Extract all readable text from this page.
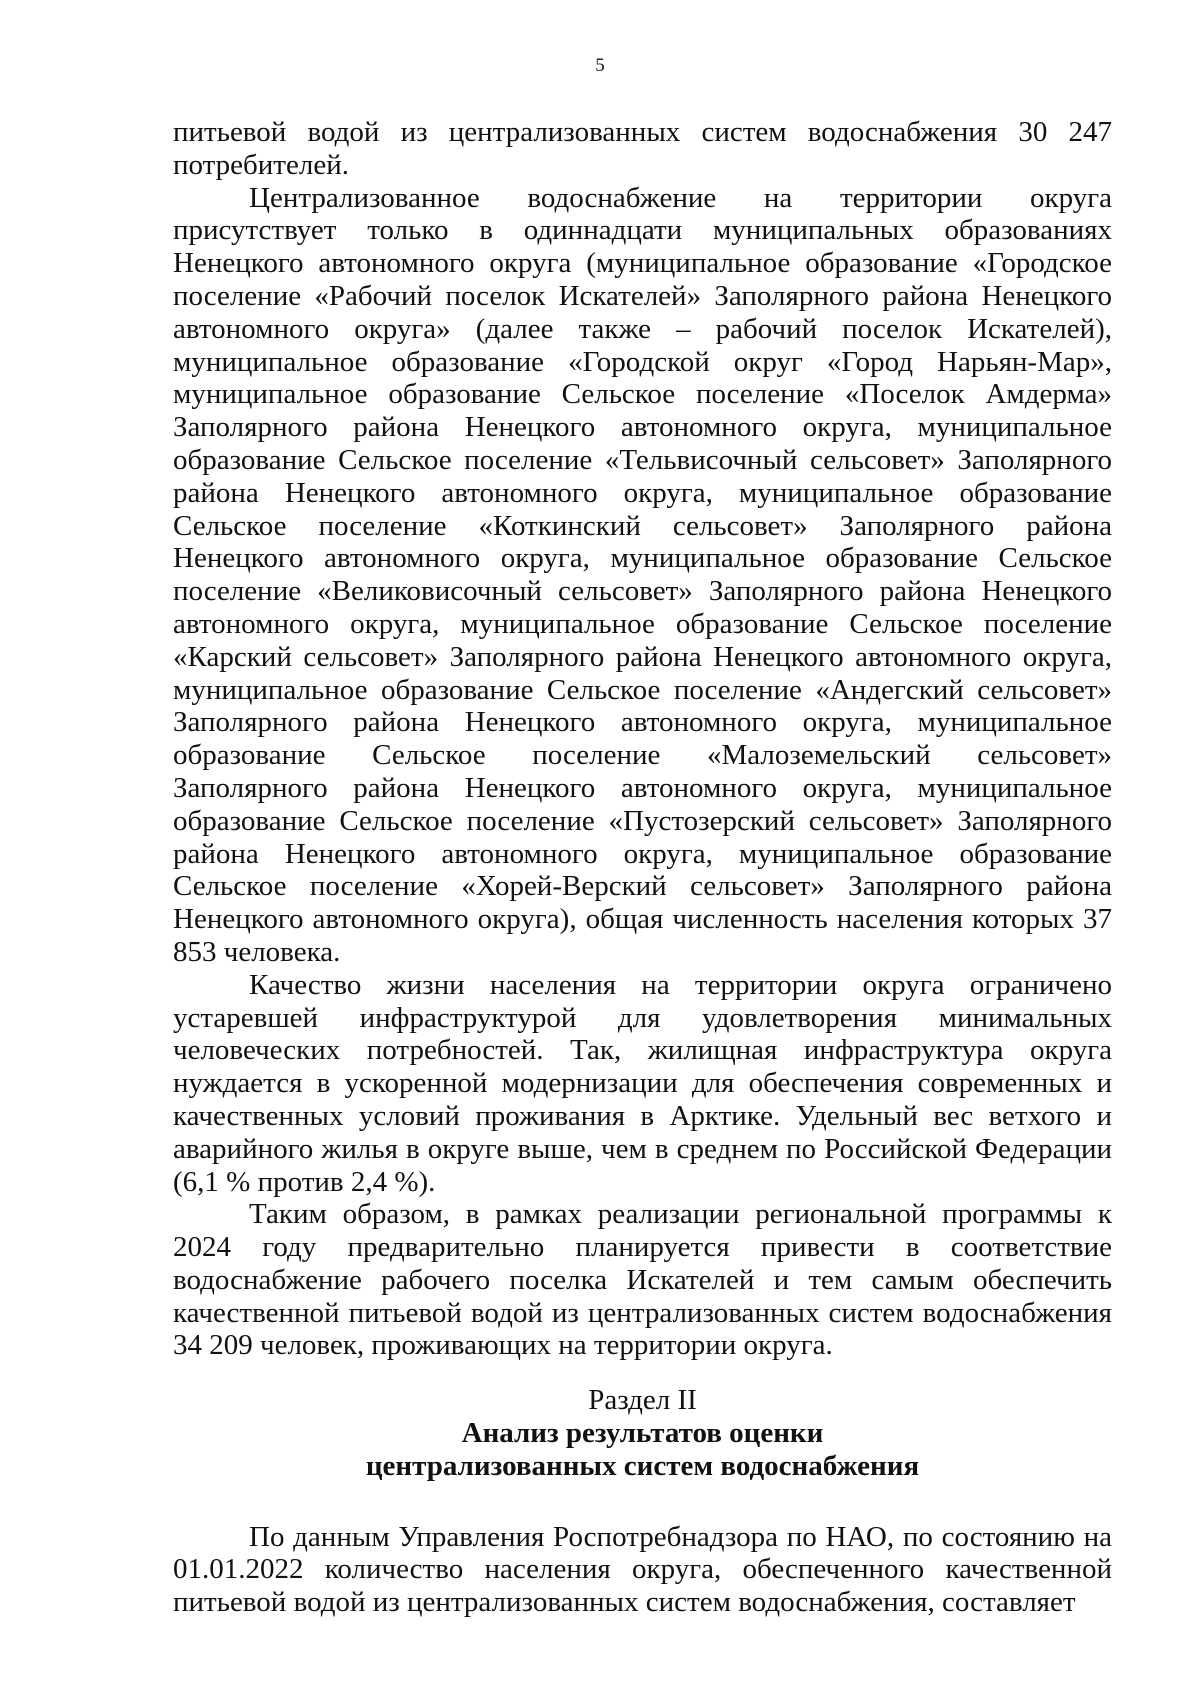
5

питьевой водой из централизованных систем водоснабжения 30 247 потребителей.

Централизованное водоснабжение на территории округа присутствует только в одиннадцати муниципальных образованиях Ненецкого автономного округа (муниципальное образование «Городское поселение «Рабочий поселок Искателей» Заполярного района Ненецкого автономного округа» (далее также – рабочий поселок Искателей), муниципальное образование «Городской округ «Город Нарьян-Мар», муниципальное образование Сельское поселение «Поселок Амдерма» Заполярного района Ненецкого автономного округа, муниципальное образование Сельское поселение «Тельвисочный сельсовет» Заполярного района Ненецкого автономного округа, муниципальное образование Сельское поселение «Коткинский сельсовет» Заполярного района Ненецкого автономного округа, муниципальное образование Сельское поселение «Великовисочный сельсовет» Заполярного района Ненецкого автономного округа, муниципальное образование Сельское поселение «Карский сельсовет» Заполярного района Ненецкого автономного округа, муниципальное образование Сельское поселение «Андегский сельсовет» Заполярного района Ненецкого автономного округа, муниципальное образование Сельское поселение «Малоземельский сельсовет» Заполярного района Ненецкого автономного округа, муниципальное образование Сельское поселение «Пустозерский сельсовет» Заполярного района Ненецкого автономного округа, муниципальное образование Сельское поселение «Хорей-Верский сельсовет» Заполярного района Ненецкого автономного округа), общая численность населения которых 37 853 человека.

Качество жизни населения на территории округа ограничено устаревшей инфраструктурой для удовлетворения минимальных человеческих потребностей. Так, жилищная инфраструктура округа нуждается в ускоренной модернизации для обеспечения современных и качественных условий проживания в Арктике. Удельный вес ветхого и аварийного жилья в округе выше, чем в среднем по Российской Федерации (6,1 % против 2,4 %).

Таким образом, в рамках реализации региональной программы к 2024 году предварительно планируется привести в соответствие водоснабжение рабочего поселка Искателей и тем самым обеспечить качественной питьевой водой из централизованных систем водоснабжения 34 209 человек, проживающих на территории округа.

Раздел II

Анализ результатов оценки

централизованных систем водоснабжения

По данным Управления Роспотребнадзора по НАО, по состоянию на 01.01.2022 количество населения округа, обеспеченного качественной питьевой водой из централизованных систем водоснабжения, составляет
